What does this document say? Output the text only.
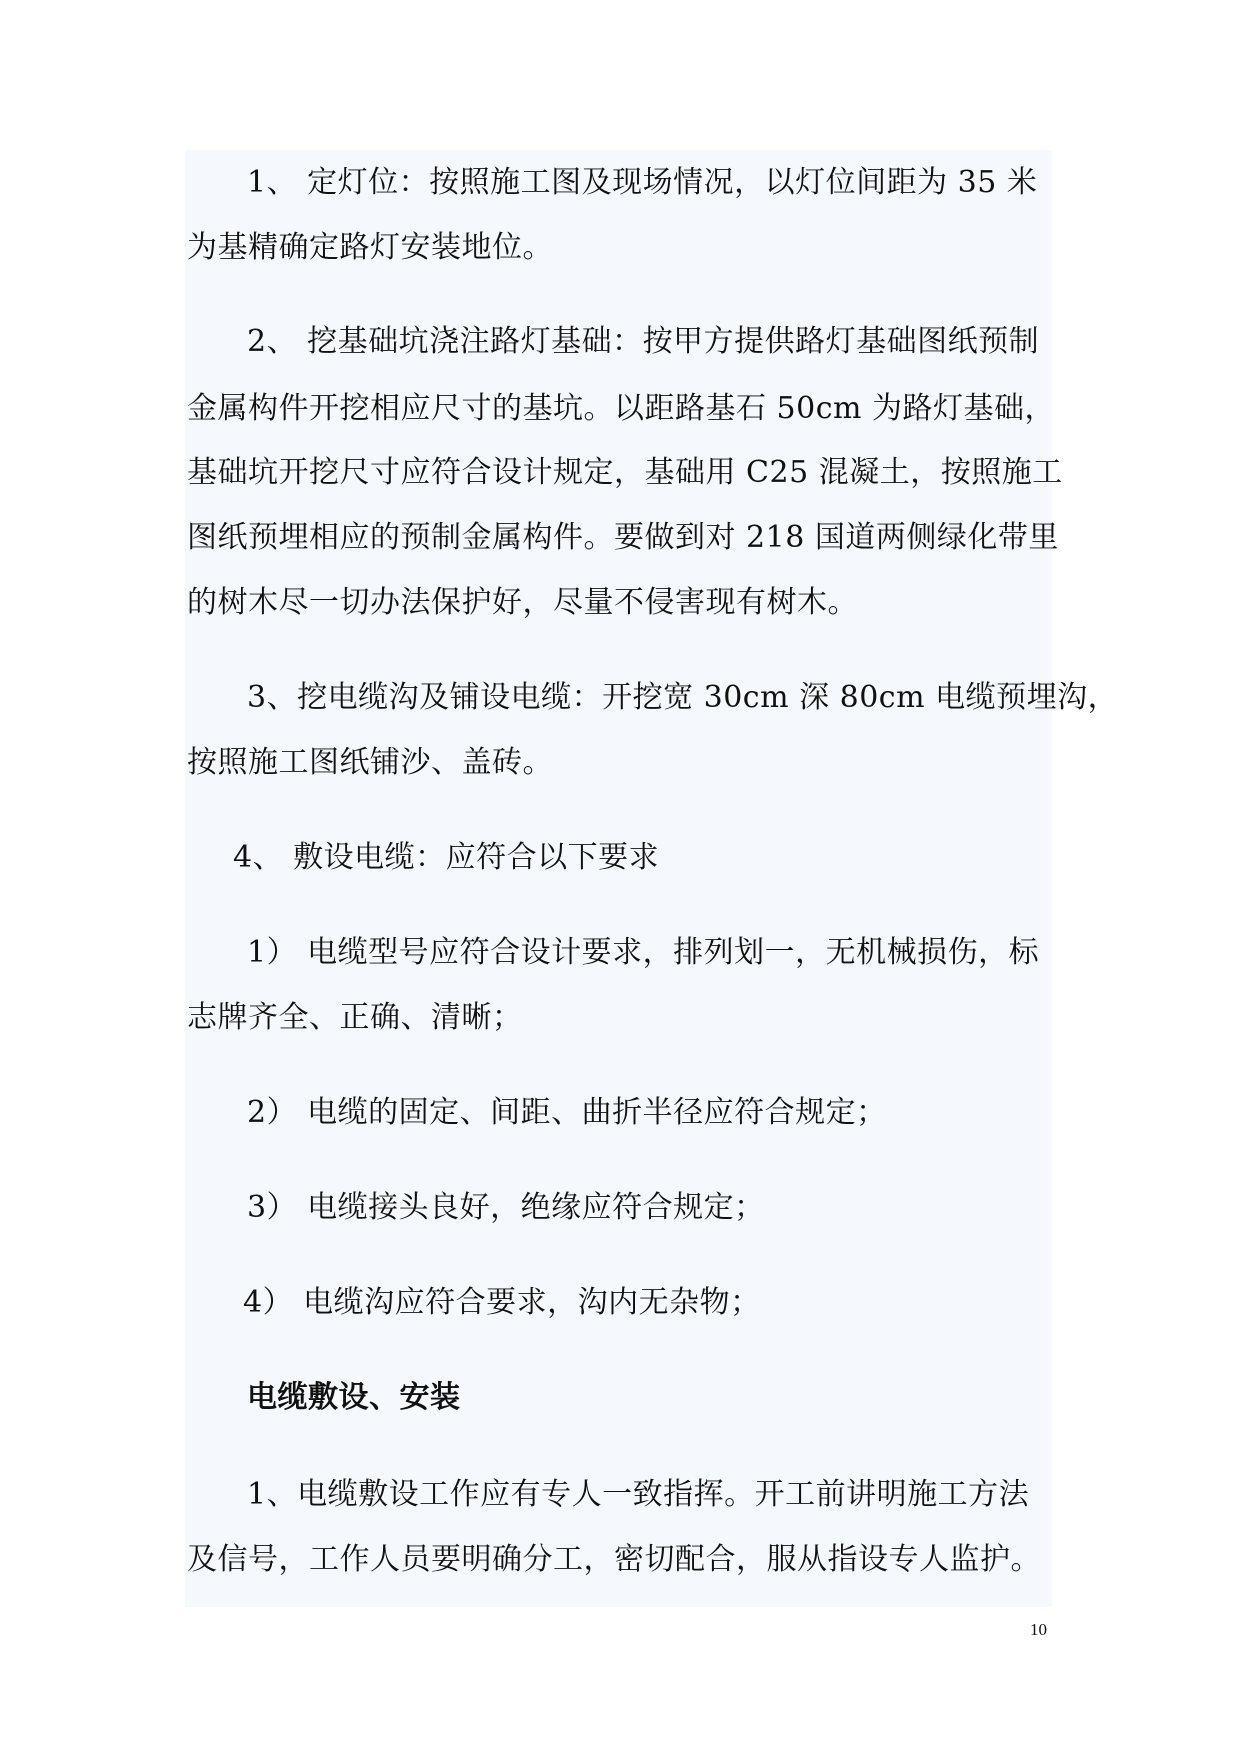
1、 定灯位：按照施工图及现场情况，以灯位间距为 35 米

为基精确定路灯安装地位。

2、 挖基础坑浇注路灯基础：按甲方提供路灯基础图纸预制

金属构件开挖相应尺寸的基坑。以距路基石 50cm 为路灯基础，

基础坑开挖尺寸应符合设计规定，基础用 C25 混凝土，按照施工

图纸预埋相应的预制金属构件。要做到对 218 国道两侧绿化带里

的树木尽一切办法保护好，尽量不侵害现有树木。

3、挖电缆沟及铺设电缆：开挖宽 30cm 深 80cm 电缆预埋沟，

按照施工图纸铺沙、盖砖。

4、 敷设电缆：应符合以下要求

1） 电缆型号应符合设计要求，排列划一，无机械损伤，标

志牌齐全、正确、清晰；

2） 电缆的固定、间距、曲折半径应符合规定；

3） 电缆接头良好，绝缘应符合规定；

4） 电缆沟应符合要求，沟内无杂物；

电缆敷设、安装

1、电缆敷设工作应有专人一致指挥。开工前讲明施工方法

及信号，工作人员要明确分工，密切配合，服从指设专人监护。

10
